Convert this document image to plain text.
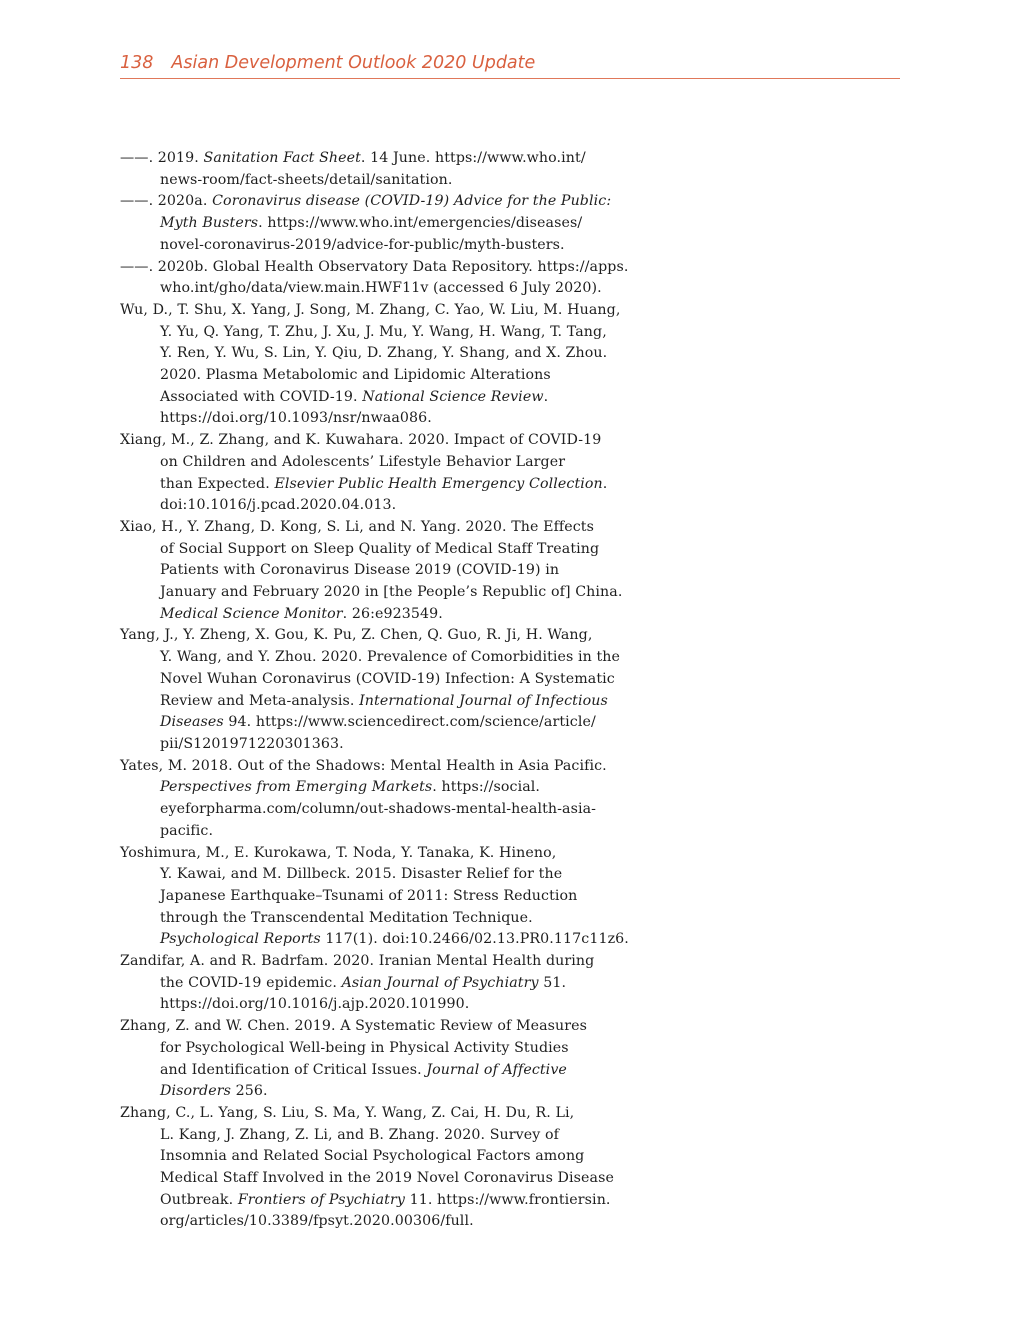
138 Asian Development Outlook 2020 Update
——. 2019. Sanitation Fact Sheet. 14 June. https://www.who.int/
news-room/fact-sheets/detail/sanitation.
——. 2020a. Coronavirus disease (COVID-19) Advice for the Public:
Myth Busters. https://www.who.int/emergencies/diseases/
novel-coronavirus-2019/advice-for-public/myth-busters.
——. 2020b. Global Health Observatory Data Repository. https://apps.
who.int/gho/data/view.main.HWF11v (accessed 6 July 2020).
Wu, D., T. Shu, X. Yang, J. Song, M. Zhang, C. Yao, W. Liu, M. Huang,
Y. Yu, Q. Yang, T. Zhu, J. Xu, J. Mu, Y. Wang, H. Wang, T. Tang,
Y. Ren, Y. Wu, S. Lin, Y. Qiu, D. Zhang, Y. Shang, and X. Zhou.
2020. Plasma Metabolomic and Lipidomic Alterations
Associated with COVID-19. National Science Review.
https://doi.org/10.1093/nsr/nwaa086.
Xiang, M., Z. Zhang, and K. Kuwahara. 2020. Impact of COVID-19
on Children and Adolescents’ Lifestyle Behavior Larger
than Expected. Elsevier Public Health Emergency Collection.
doi:10.1016/j.pcad.2020.04.013.
Xiao, H., Y. Zhang, D. Kong, S. Li, and N. Yang. 2020. The Effects
of Social Support on Sleep Quality of Medical Staff Treating
Patients with Coronavirus Disease 2019 (COVID-19) in
January and February 2020 in [the People’s Republic of] China.
Medical Science Monitor. 26:e923549.
Yang, J., Y. Zheng, X. Gou, K. Pu, Z. Chen, Q. Guo, R. Ji, H. Wang,
Y. Wang, and Y. Zhou. 2020. Prevalence of Comorbidities in the
Novel Wuhan Coronavirus (COVID-19) Infection: A Systematic
Review and Meta-analysis. International Journal of Infectious
Diseases 94. https://www.sciencedirect.com/science/article/
pii/S1201971220301363.
Yates, M. 2018. Out of the Shadows: Mental Health in Asia Pacific.
Perspectives from Emerging Markets. https://social.
eyeforpharma.com/column/out-shadows-mental-health-asia-
pacific.
Yoshimura, M., E. Kurokawa, T. Noda, Y. Tanaka, K. Hineno,
Y. Kawai, and M. Dillbeck. 2015. Disaster Relief for the
Japanese Earthquake–Tsunami of 2011: Stress Reduction
through the Transcendental Meditation Technique.
Psychological Reports 117(1). doi:10.2466/02.13.PR0.117c11z6.
Zandifar, A. and R. Badrfam. 2020. Iranian Mental Health during
the COVID-19 epidemic. Asian Journal of Psychiatry 51.
https://doi.org/10.1016/j.ajp.2020.101990.
Zhang, Z. and W. Chen. 2019. A Systematic Review of Measures
for Psychological Well-being in Physical Activity Studies
and Identification of Critical Issues. Journal of Affective
Disorders 256.
Zhang, C., L. Yang, S. Liu, S. Ma, Y. Wang, Z. Cai, H. Du, R. Li,
L. Kang, J. Zhang, Z. Li, and B. Zhang. 2020. Survey of
Insomnia and Related Social Psychological Factors among
Medical Staff Involved in the 2019 Novel Coronavirus Disease
Outbreak. Frontiers of Psychiatry 11. https://www.frontiersin.
org/articles/10.3389/fpsyt.2020.00306/full.
